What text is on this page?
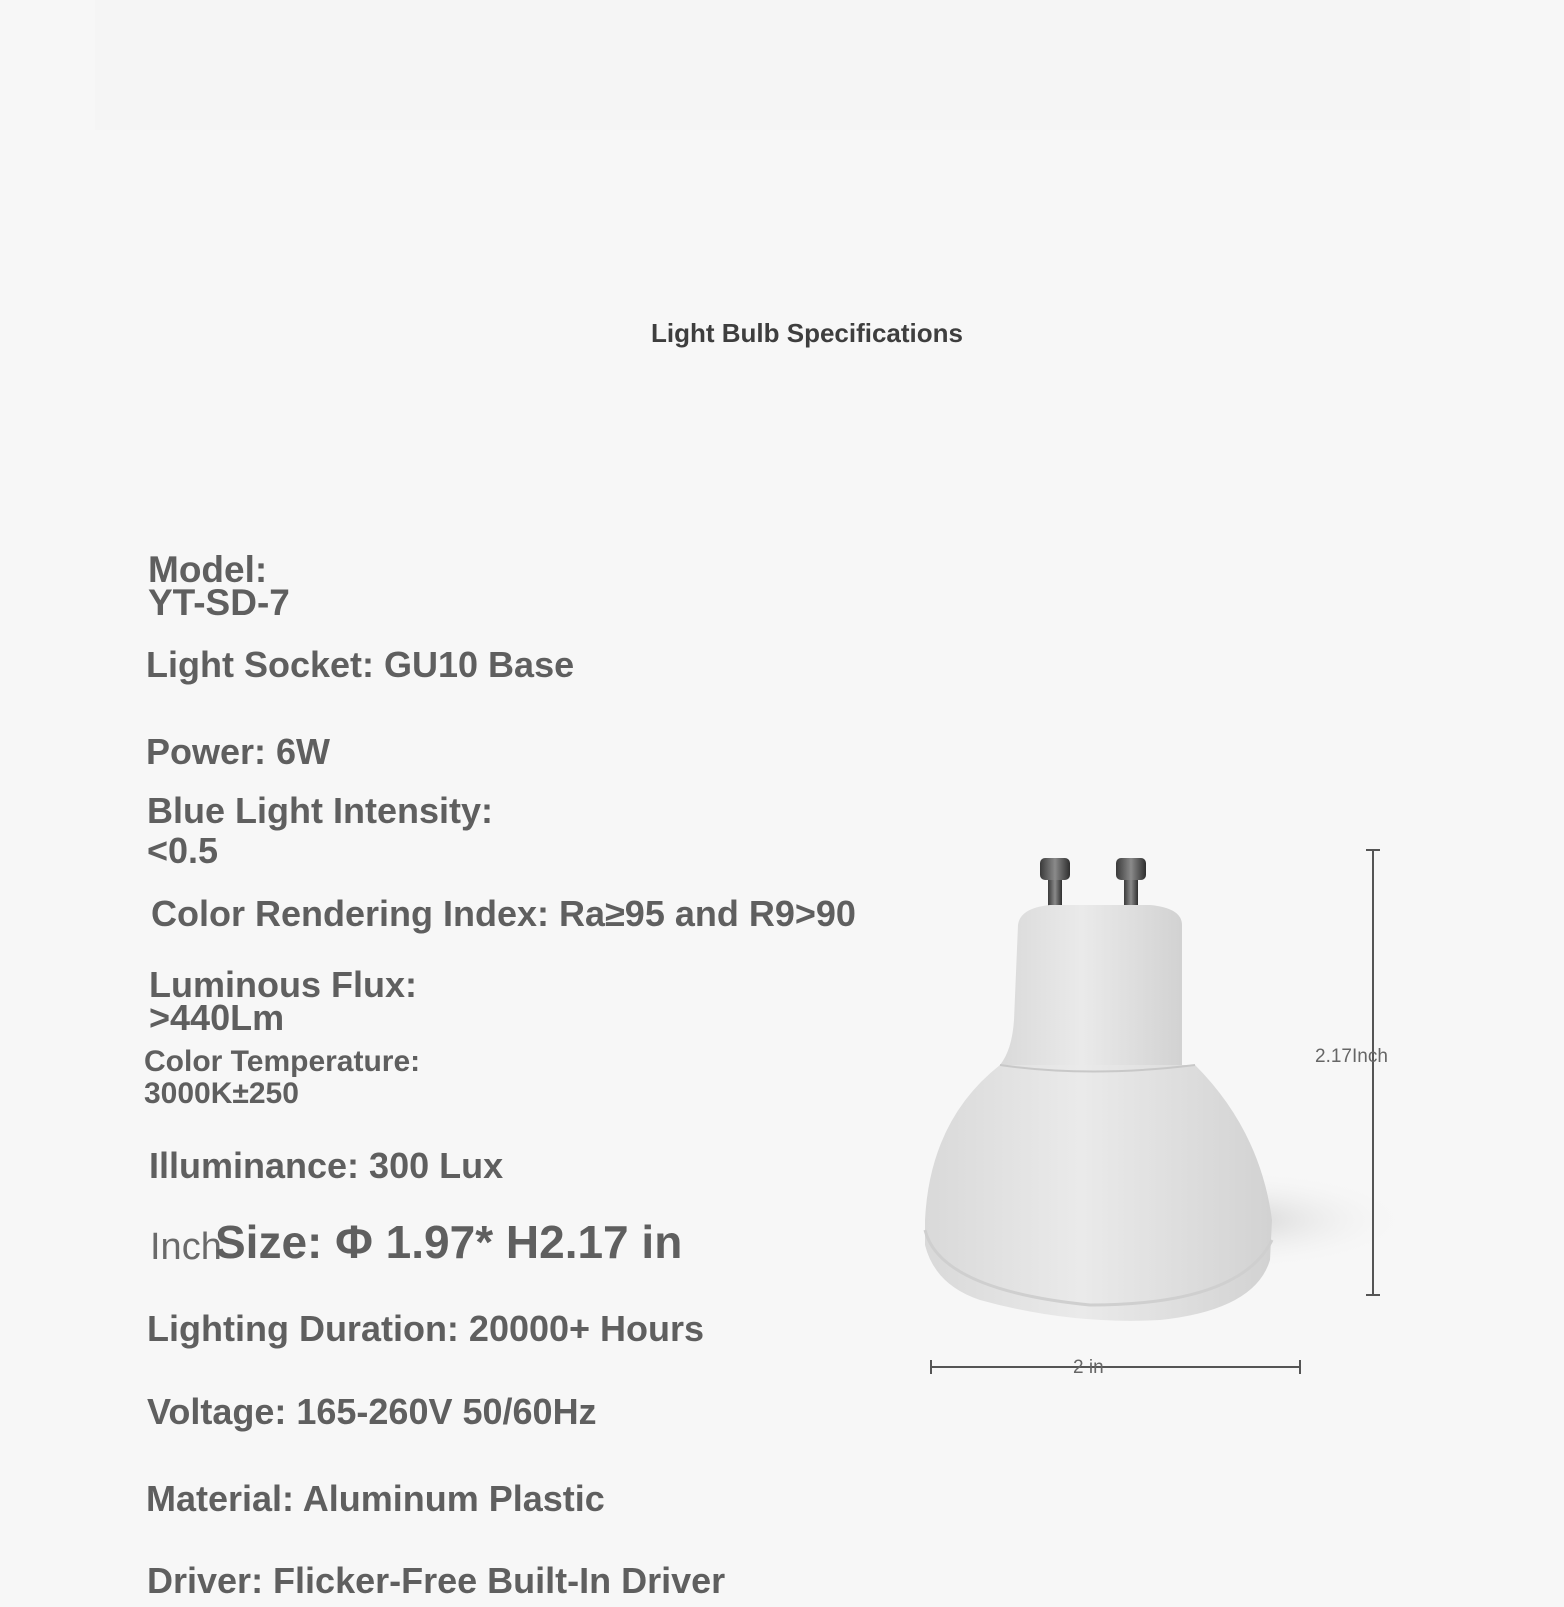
Light Bulb Specifications
Model:
YT-SD-7
Light Socket: GU10 Base
Power: 6W
Blue Light Intensity:
<0.5
Color Rendering Index: Ra≥95 and R9>90
Luminous Flux:
>440Lm
Color Temperature:
3000K±250
Illuminance: 300 Lux
Inch
Size: Φ 1.97* H2.17 in
Lighting Duration: 20000+ Hours
Voltage: 165-260V 50/60Hz
Material: Aluminum Plastic
Driver: Flicker-Free Built-In Driver
2.17Inch
2 in
